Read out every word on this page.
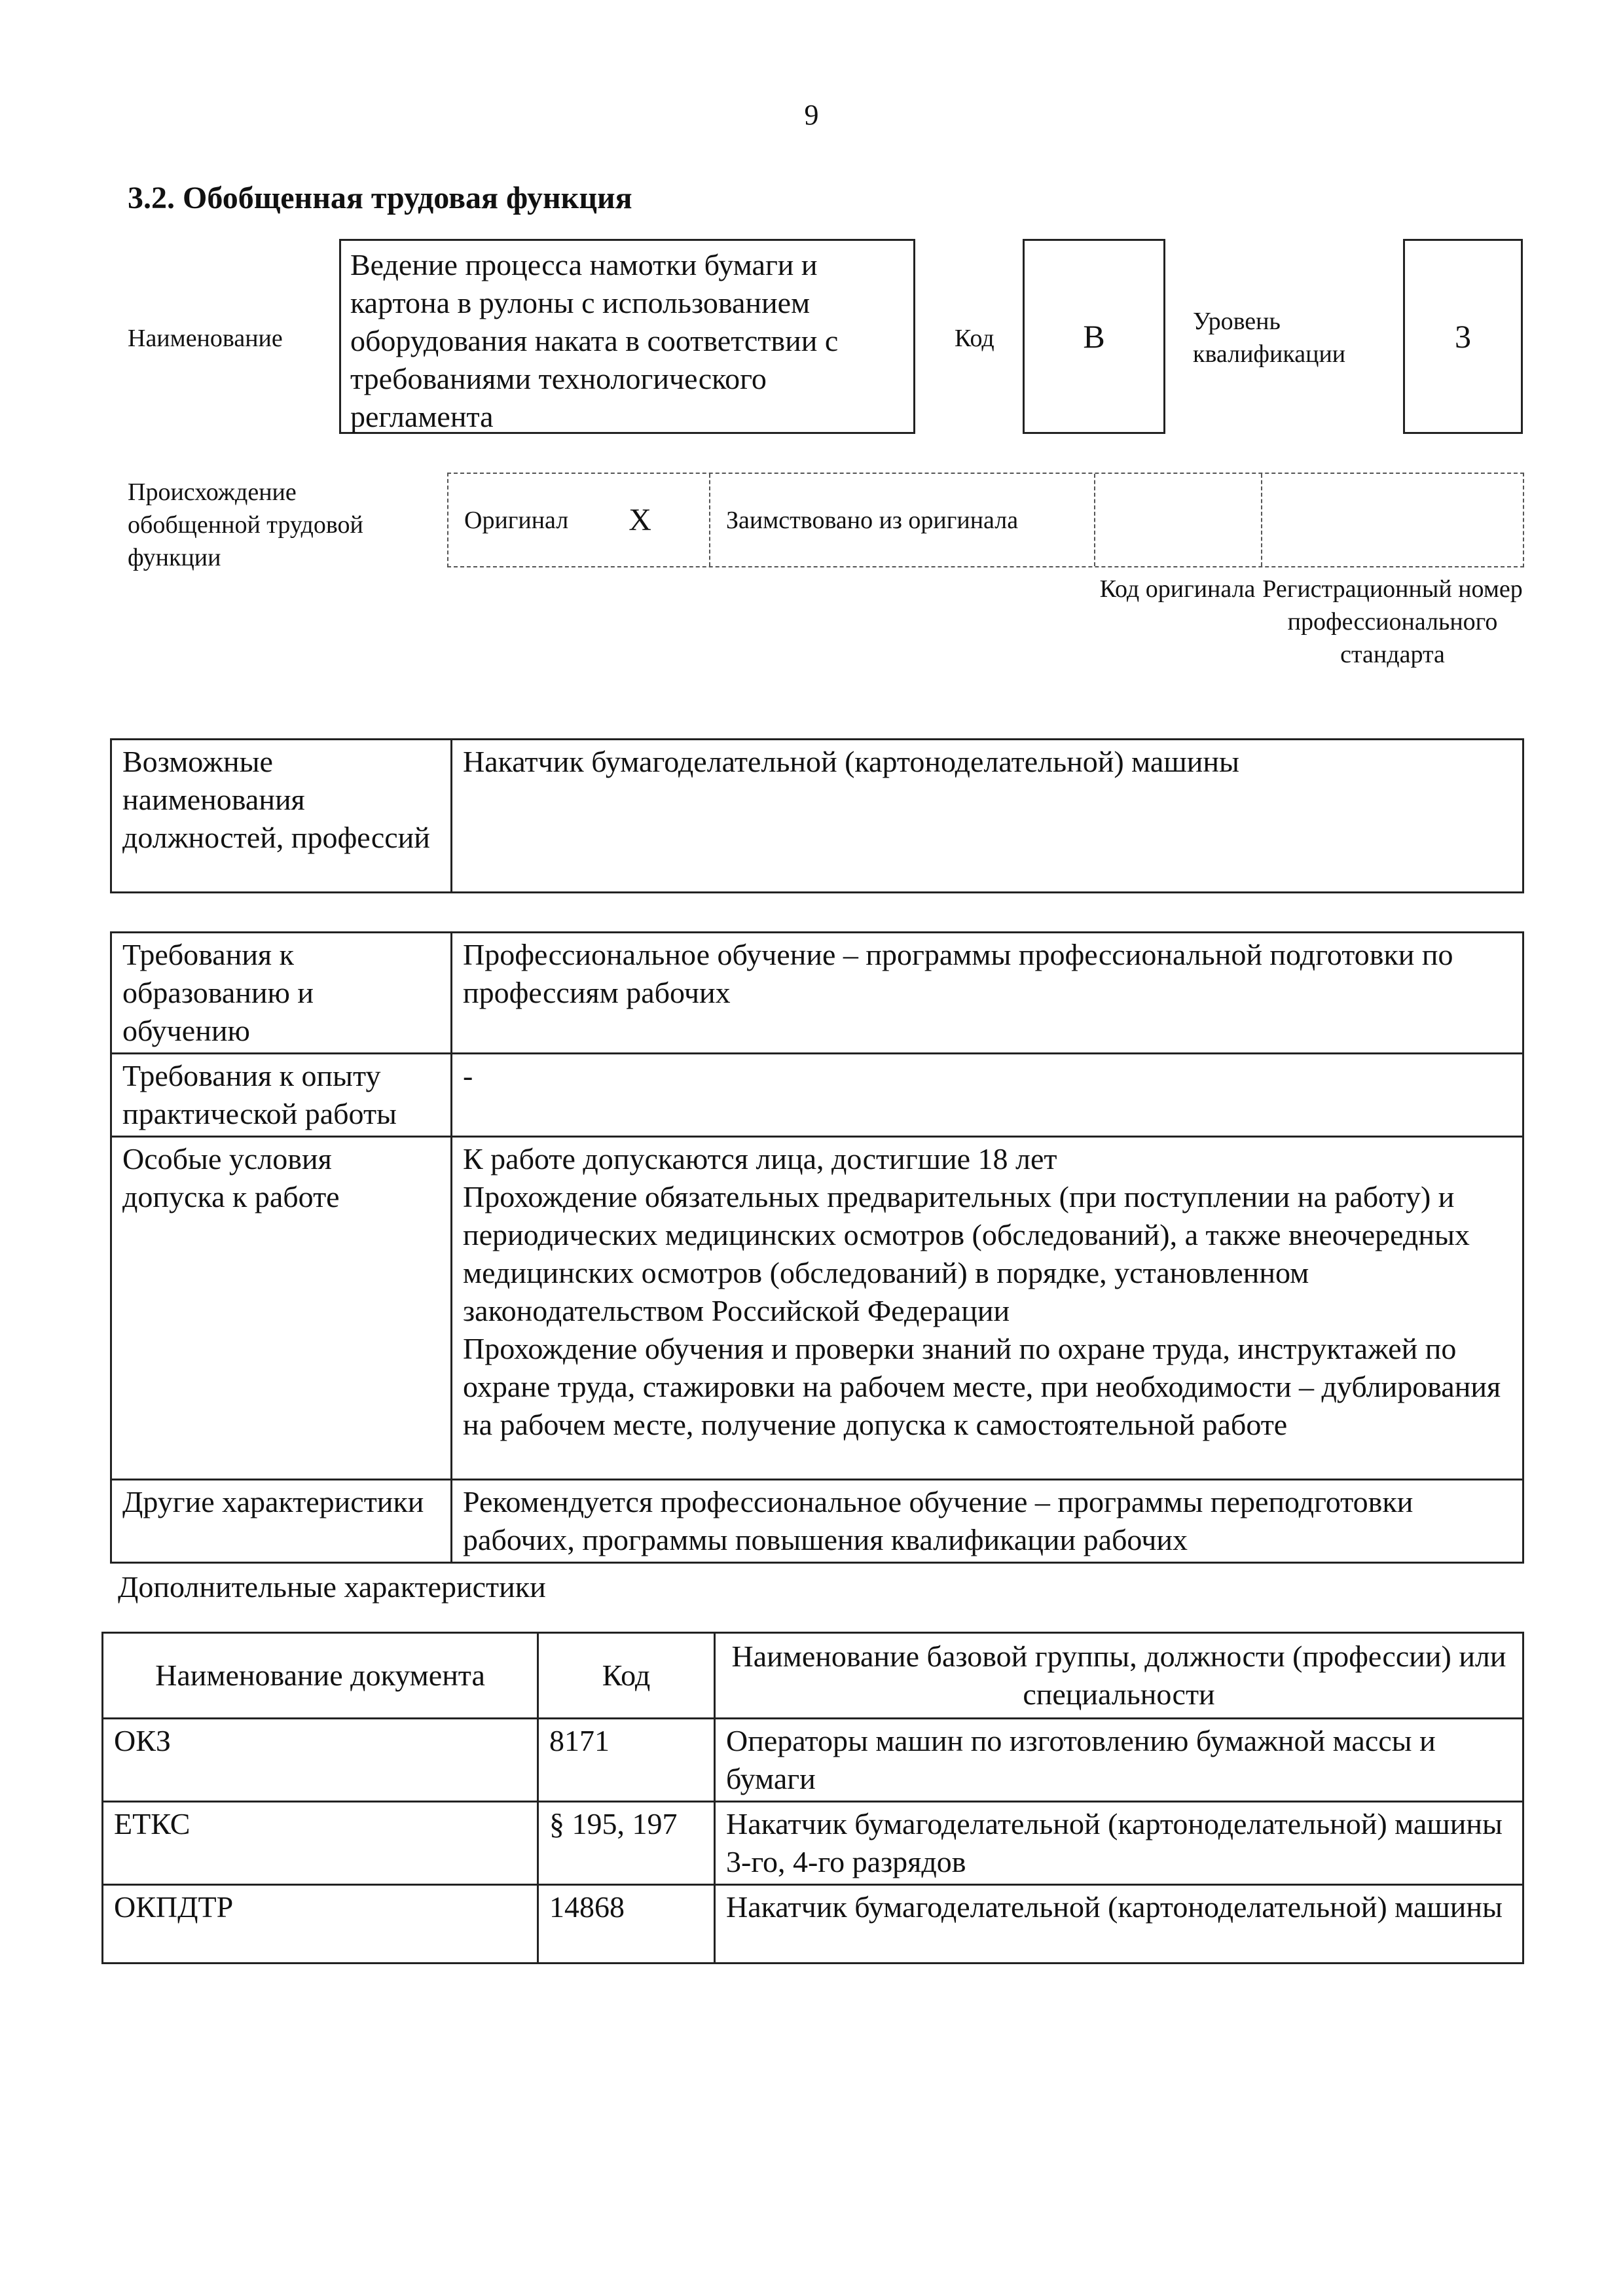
9
3.2. Обобщенная трудовая функция
Наименование
Ведение процесса намотки бумаги и картона в рулоны с использованием оборудования наката в соответствии с требованиями технологического регламента
Код	B	Уровень квалификации	3
Происхождение обобщенной трудовой функции
Оригинал X	Заимствовано из оригинала
Код оригинала Регистрационный номер профессионального стандарта
Возможные наименования должностей, профессий	Накатчик бумагоделательной (картоноделательной) машины
Требования к образованию и обучению	Профессиональное обучение – программы профессиональной подготовки по профессиям рабочих
Требования к опыту практической работы	-
Особые условия допуска к работе	К работе допускаются лица, достигшие 18 лет
Прохождение обязательных предварительных (при поступлении на работу) и периодических медицинских осмотров (обследований), а также внеочередных медицинских осмотров (обследований) в порядке, установленном законодательством Российской Федерации
Прохождение обучения и проверки знаний по охране труда, инструктажей по охране труда, стажировки на рабочем месте, при необходимости – дублирования на рабочем месте, получение допуска к самостоятельной работе

Другие характеристики	Рекомендуется профессиональное обучение – программы переподготовки рабочих, программы повышения квалификации рабочих
Дополнительные характеристики
Наименование документа	Код	Наименование базовой группы, должности (профессии) или специальности
ОКЗ	8171	Операторы машин по изготовлению бумажной массы и бумаги
ЕТКС	§ 195, 197	Накатчик бумагоделательной (картоноделательной) машины 3-го, 4-го разрядов
ОКПДТР	14868	Накатчик бумагоделательной (картоноделательной) машины
